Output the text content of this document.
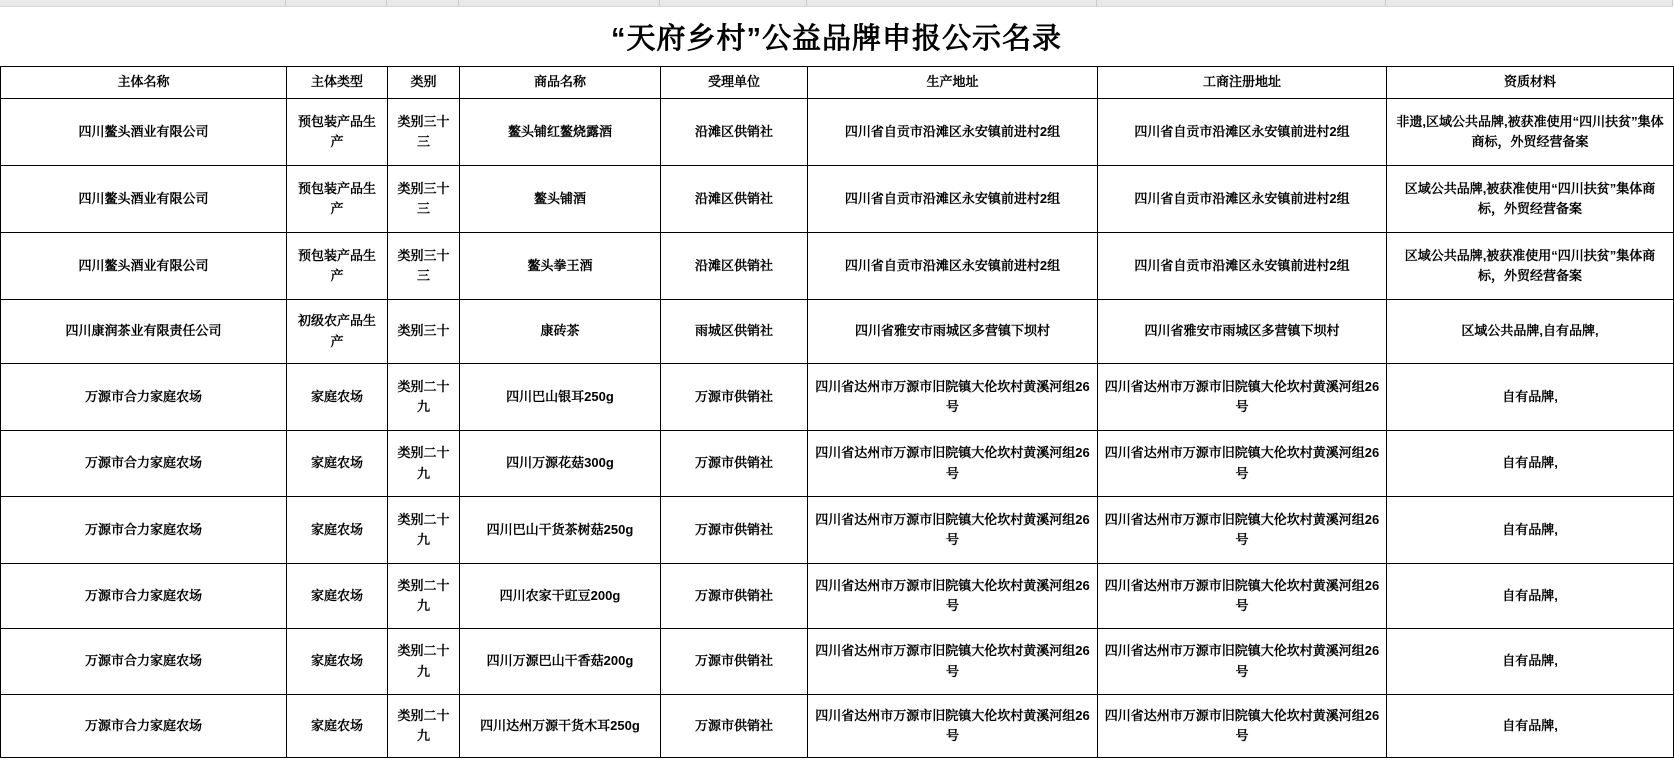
“天府乡村”公益品牌申报公示名录
主体名称	主体类型	类别	商品名称	受理单位	生产地址	工商注册地址	资质材料
四川鳌头酒业有限公司	预包装产品生产	类别三十三	鳌头铺红鳌烧露酒	沿滩区供销社	四川省自贡市沿滩区永安镇前进村2组	四川省自贡市沿滩区永安镇前进村2组	非遗,区域公共品牌,被获准使用“四川扶贫”集体商标，外贸经营备案
四川鳌头酒业有限公司	预包装产品生产	类别三十三	鳌头铺酒	沿滩区供销社	四川省自贡市沿滩区永安镇前进村2组	四川省自贡市沿滩区永安镇前进村2组	区域公共品牌,被获准使用“四川扶贫”集体商标，外贸经营备案
四川鳌头酒业有限公司	预包装产品生产	类别三十三	鳌头拳王酒	沿滩区供销社	四川省自贡市沿滩区永安镇前进村2组	四川省自贡市沿滩区永安镇前进村2组	区域公共品牌,被获准使用“四川扶贫”集体商标，外贸经营备案
四川康润茶业有限责任公司	初级农产品生产	类别三十	康砖茶	雨城区供销社	四川省雅安市雨城区多营镇下坝村	四川省雅安市雨城区多营镇下坝村	区域公共品牌,自有品牌,
万源市合力家庭农场	家庭农场	类别二十九	四川巴山银耳250g	万源市供销社	四川省达州市万源市旧院镇大伦坎村黄溪河组26号	四川省达州市万源市旧院镇大伦坎村黄溪河组26号	自有品牌,
万源市合力家庭农场	家庭农场	类别二十九	四川万源花菇300g	万源市供销社	四川省达州市万源市旧院镇大伦坎村黄溪河组26号	四川省达州市万源市旧院镇大伦坎村黄溪河组26号	自有品牌,
万源市合力家庭农场	家庭农场	类别二十九	四川巴山干货茶树菇250g	万源市供销社	四川省达州市万源市旧院镇大伦坎村黄溪河组26号	四川省达州市万源市旧院镇大伦坎村黄溪河组26号	自有品牌,
万源市合力家庭农场	家庭农场	类别二十九	四川农家干豇豆200g	万源市供销社	四川省达州市万源市旧院镇大伦坎村黄溪河组26号	四川省达州市万源市旧院镇大伦坎村黄溪河组26号	自有品牌,
万源市合力家庭农场	家庭农场	类别二十九	四川万源巴山干香菇200g	万源市供销社	四川省达州市万源市旧院镇大伦坎村黄溪河组26号	四川省达州市万源市旧院镇大伦坎村黄溪河组26号	自有品牌,
万源市合力家庭农场	家庭农场	类别二十九	四川达州万源干货木耳250g	万源市供销社	四川省达州市万源市旧院镇大伦坎村黄溪河组26号	四川省达州市万源市旧院镇大伦坎村黄溪河组26号	自有品牌,
